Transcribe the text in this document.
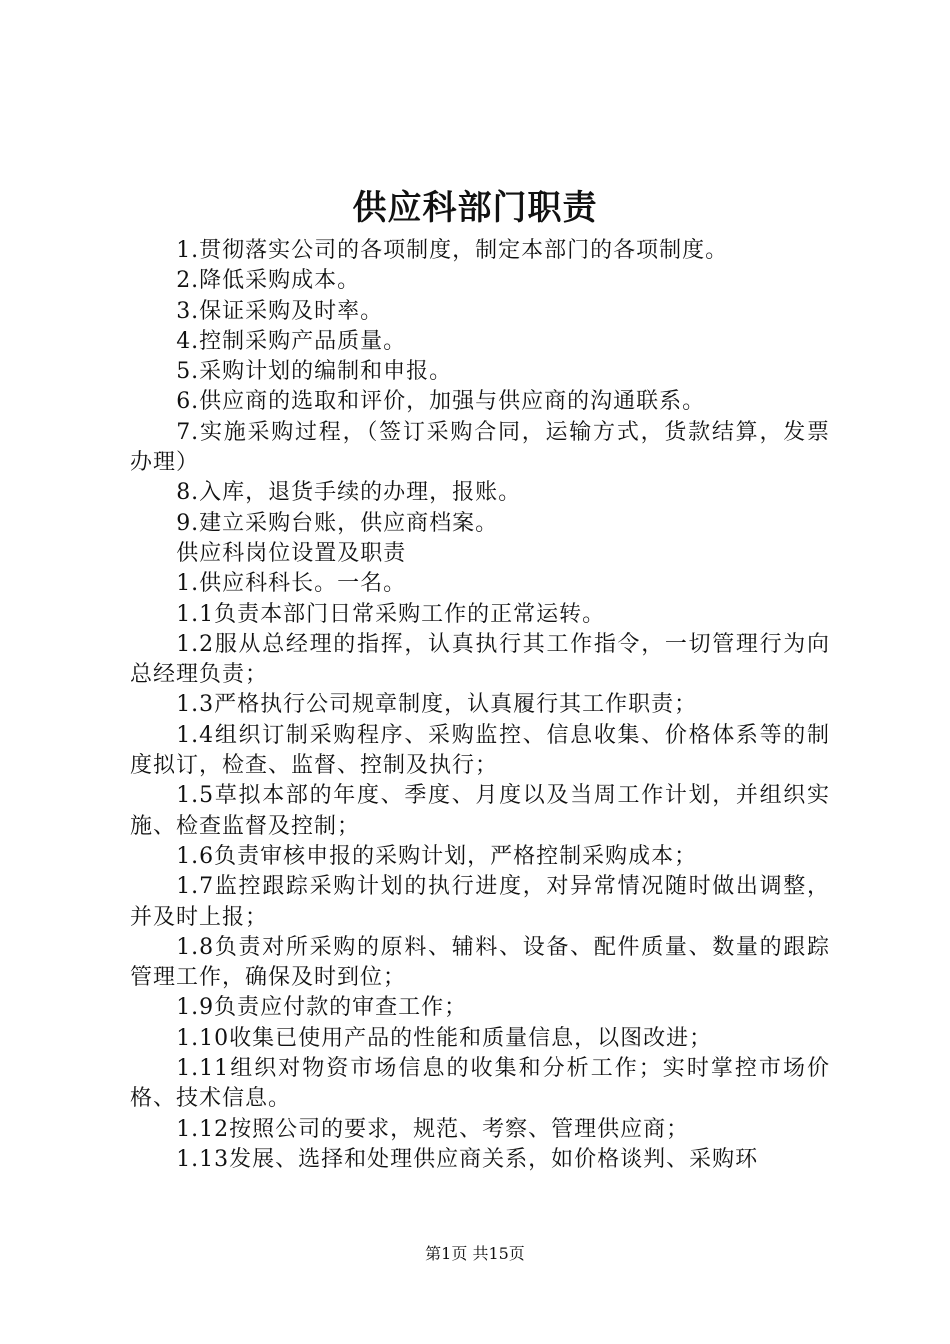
供应科部门职责

1.贯彻落实公司的各项制度，制定本部门的各项制度。

2.降低采购成本。

3.保证采购及时率。

4.控制采购产品质量。

5.采购计划的编制和申报。

6.供应商的选取和评价，加强与供应商的沟通联系。

7.实施采购过程，（签订采购合同，运输方式，货款结算，发票办理）

8.入库，退货手续的办理，报账。

9.建立采购台账，供应商档案。

供应科岗位设置及职责

1.供应科科长。一名。

1.1负责本部门日常采购工作的正常运转。

1.2服从总经理的指挥，认真执行其工作指令，一切管理行为向总经理负责；

1.3严格执行公司规章制度，认真履行其工作职责；

1.4组织订制采购程序、采购监控、信息收集、价格体系等的制度拟订，检查、监督、控制及执行；

1.5草拟本部的年度、季度、月度以及当周工作计划，并组织实施、检查监督及控制；

1.6负责审核申报的采购计划，严格控制采购成本；

1.7监控跟踪采购计划的执行进度，对异常情况随时做出调整，并及时上报；

1.8负责对所采购的原料、辅料、设备、配件质量、数量的跟踪管理工作，确保及时到位；

1.9负责应付款的审查工作；

1.10收集已使用产品的性能和质量信息，以图改进；

1.11组织对物资市场信息的收集和分析工作；实时掌控市场价格、技术信息。

1.12按照公司的要求，规范、考察、管理供应商；

1.13发展、选择和处理供应商关系，如价格谈判、采购环

第1页 共15页
